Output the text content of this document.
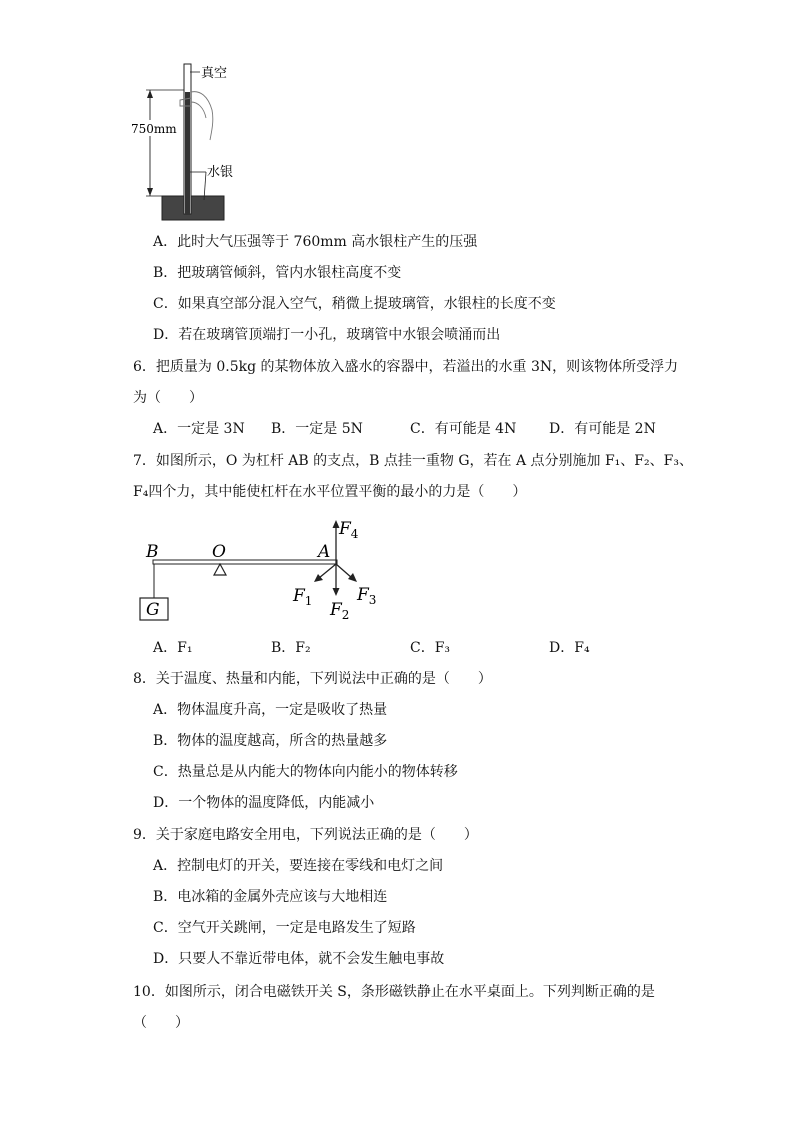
真空
750mm
水银
A．此时大气压强等于 760mm 高水银柱产生的压强
B．把玻璃管倾斜，管内水银柱高度不变
C．如果真空部分混入空气，稍微上提玻璃管，水银柱的长度不变
D．若在玻璃管顶端打一小孔，玻璃管中水银会喷涌而出
6．把质量为 0.5kg 的某物体放入盛水的容器中，若溢出的水重 3N，则该物体所受浮力
为（　　）
A．一定是 3N B．一定是 5N	C．有可能是 4N D．有可能是 2N
7．如图所示，O 为杠杆 AB 的支点，B 点挂一重物 G，若在 A 点分别施加 F₁、F₂、F₃、
F₄四个力，其中能使杠杆在水平位置平衡的最小的力是（　　）
G
B	O	A
$F_4$
$F_2$
$F_1$	$F_3$
A．F₁	B．F₂	C．F₃	D．F₄
8．关于温度、热量和内能，下列说法中正确的是（　　）
A．物体温度升高，一定是吸收了热量
B．物体的温度越高，所含的热量越多
C．热量总是从内能大的物体向内能小的物体转移
D．一个物体的温度降低，内能减小
9．关于家庭电路安全用电，下列说法正确的是（　　）
A．控制电灯的开关，要连接在零线和电灯之间
B．电冰箱的金属外壳应该与大地相连
C．空气开关跳闸，一定是电路发生了短路
D．只要人不靠近带电体，就不会发生触电事故
10．如图所示，闭合电磁铁开关 S，条形磁铁静止在水平桌面上。下列判断正确的是
（　　）
